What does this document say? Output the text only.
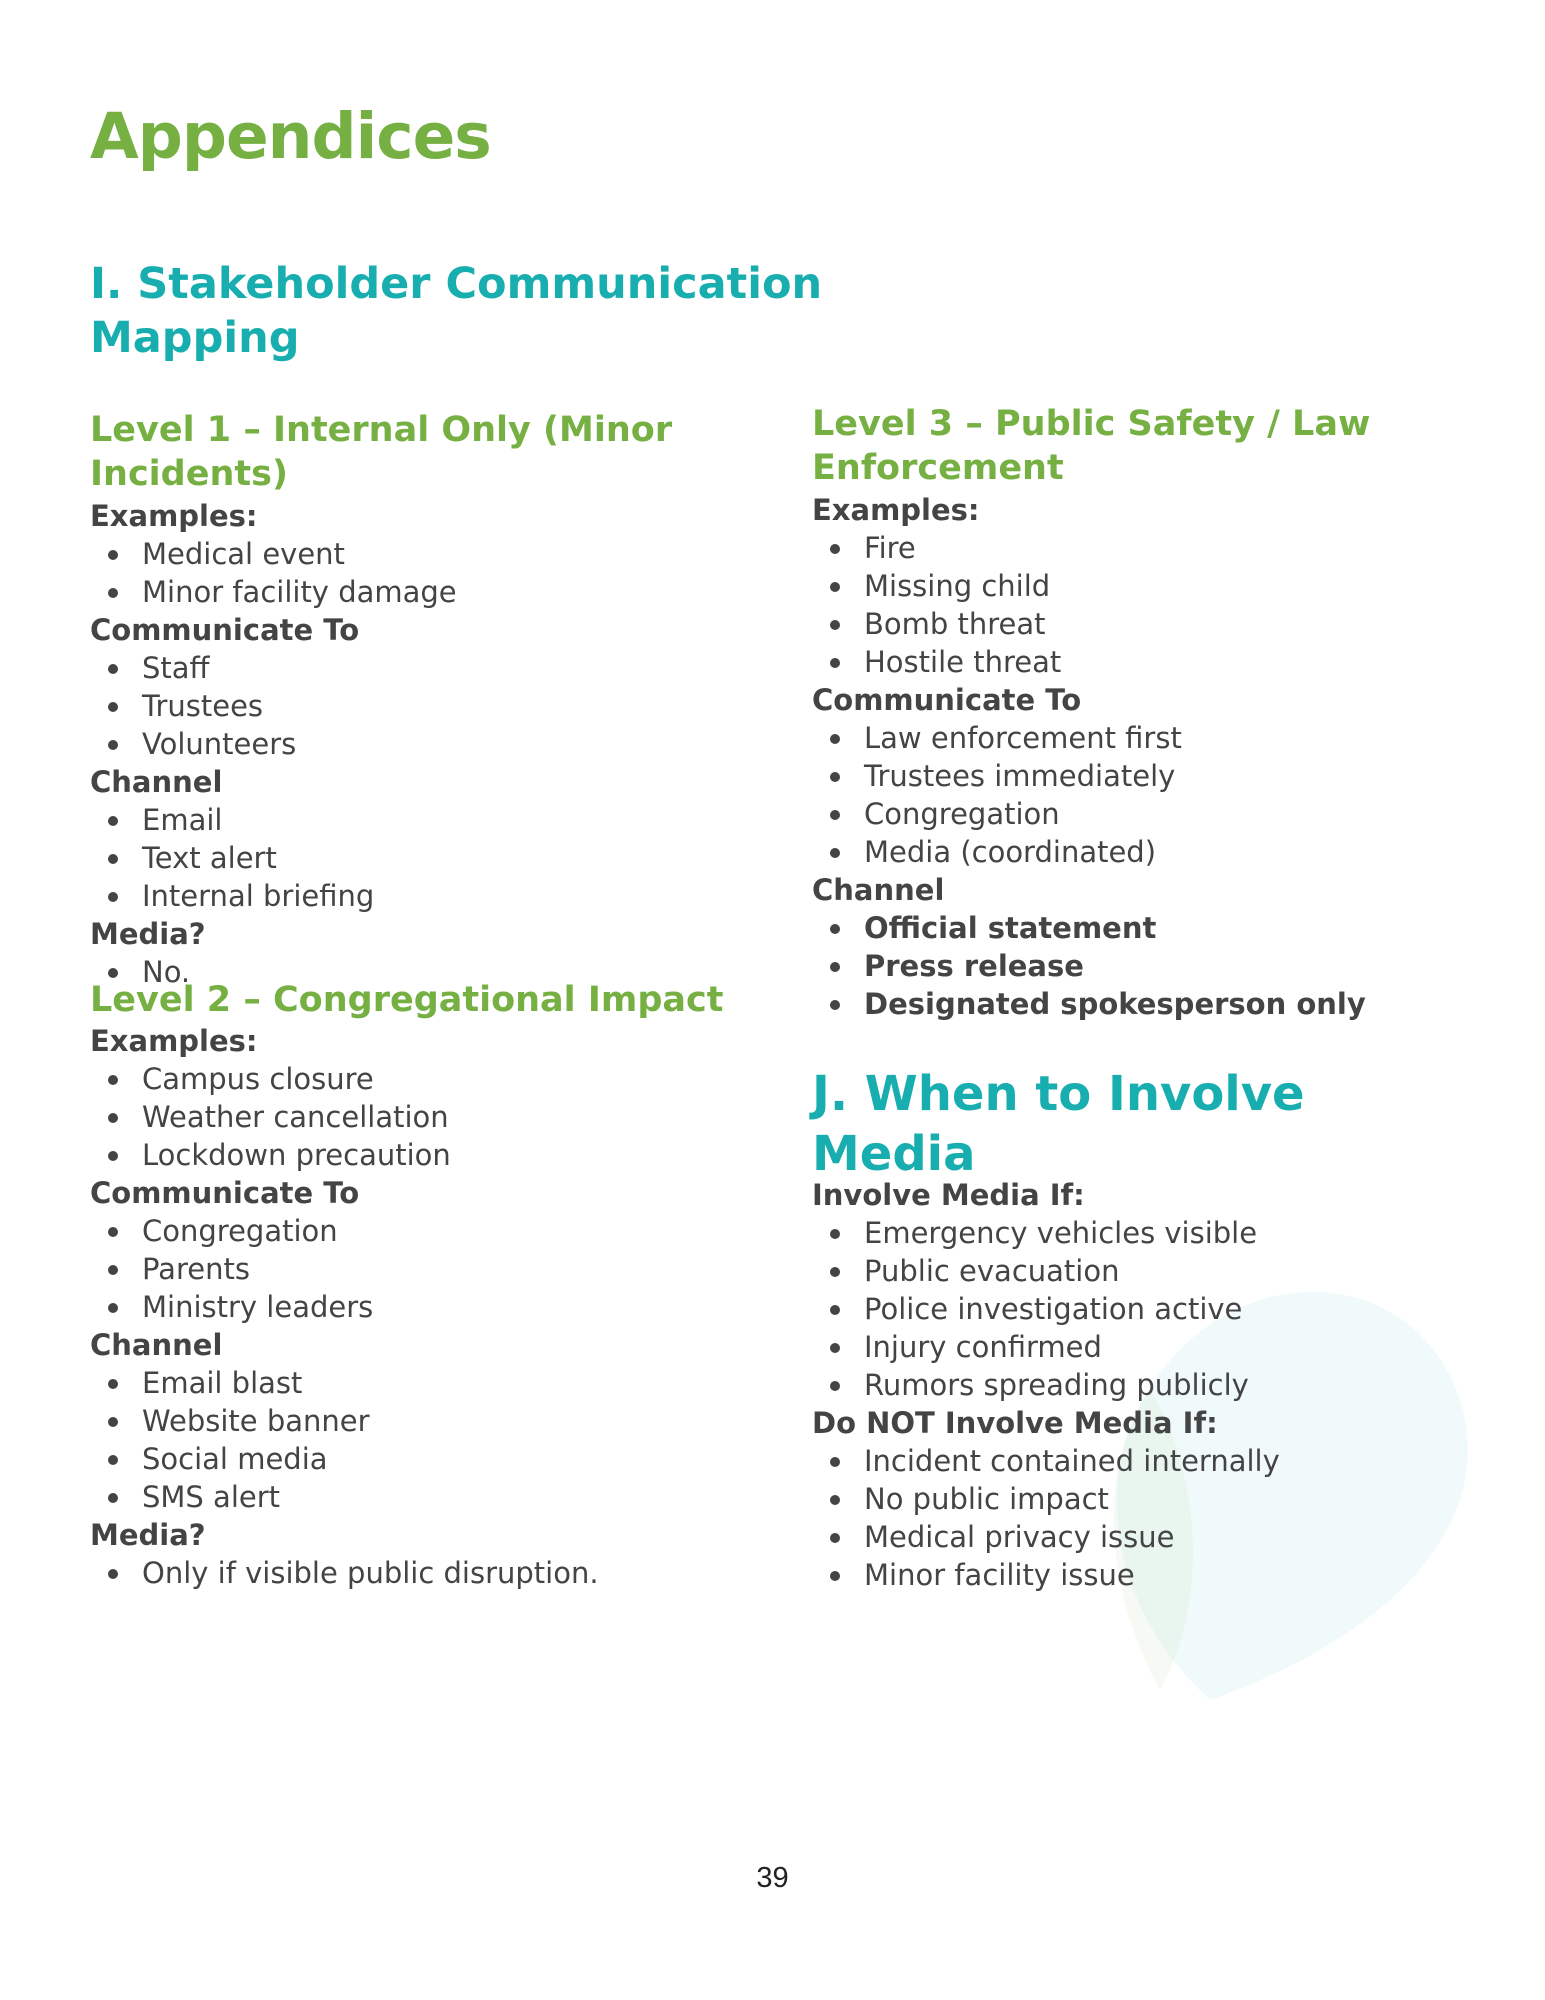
Appendices
I. Stakeholder Communication Mapping
Level 1 – Internal Only (Minor Incidents)
Examples:
Medical event
Minor facility damage
Communicate To
Staff
Trustees
Volunteers
Channel
Email
Text alert
Internal briefing
Media?
No.
Level 2 – Congregational Impact
Examples:
Campus closure
Weather cancellation
Lockdown precaution
Communicate To
Congregation
Parents
Ministry leaders
Channel
Email blast
Website banner
Social media
SMS alert
Media?
Only if visible public disruption.
Level 3 – Public Safety / Law Enforcement
Examples:
Fire
Missing child
Bomb threat
Hostile threat
Communicate To
Law enforcement first
Trustees immediately
Congregation
Media (coordinated)
Channel
Official statement
Press release
Designated spokesperson only
J. When to Involve Media
Involve Media If:
Emergency vehicles visible
Public evacuation
Police investigation active
Injury confirmed
Rumors spreading publicly
Do NOT Involve Media If:
Incident contained internally
No public impact
Medical privacy issue
Minor facility issue
39
